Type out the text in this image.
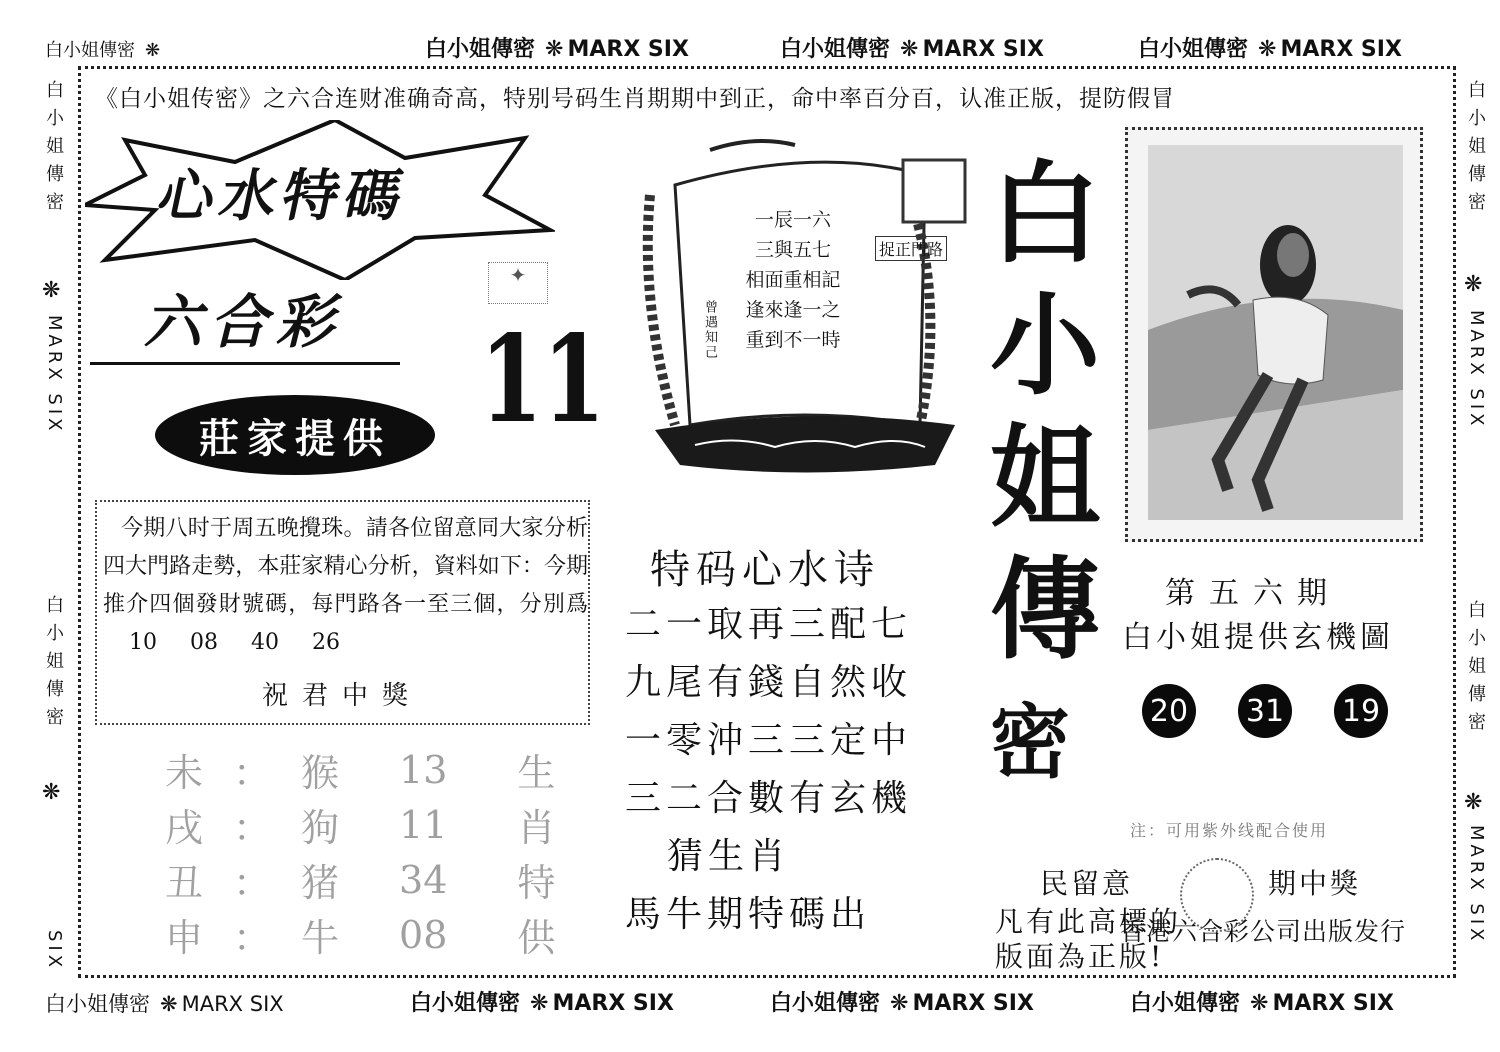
白小姐傳密 ❋	白小姐傳密 ❋ MARX SIX	白小姐傳密 ❋ MARX SIX	白小姐傳密 ❋ MARX SIX
白小姐傳密 ❋ MARX SIX	白小姐傳密 ❋ MARX SIX	白小姐傳密 ❋ MARX SIX	白小姐傳密 ❋ MARX SIX
白小姐傳密
❋
MARX SIX
白小姐傳密
❋
SIX
白小姐傳密
❋
MARX SIX
白小姐傳密
❋
MARX SIX
《白小姐传密》之六合连财准确奇高，特别号码生肖期期中到正，命中率百分百，认准正版，提防假冒
心水特碼
六合彩
✦
11
莊家提供
今期八时于周五晚攪珠。請各位留意同大家分析四大門路走勢，本莊家精心分析，資料如下：今期推介四個發財號碼，每門路各一至三個，分別爲 10 08 40 26
祝君中獎
未	：	猴	13	生
戌	：	狗	11	肖
丑	：	猪	34	特
申	：	牛	08	供
一辰一六
三與五七
相面重相記
逢來逢一之
重到不一時
曾遇知己
捉正門路
特码心水诗
二一取再三配七
九尾有錢自然收
一零沖三三定中
三二合數有玄機
猜生肖
馬牛期特碼出
白
小
姐
傳
密
第五六期
白小姐提供玄機圖
20 31 19
注：可用紫外线配合使用
民留意	期中獎
凡有此高標的
香港六合彩公司出版发行
版面為正版!
